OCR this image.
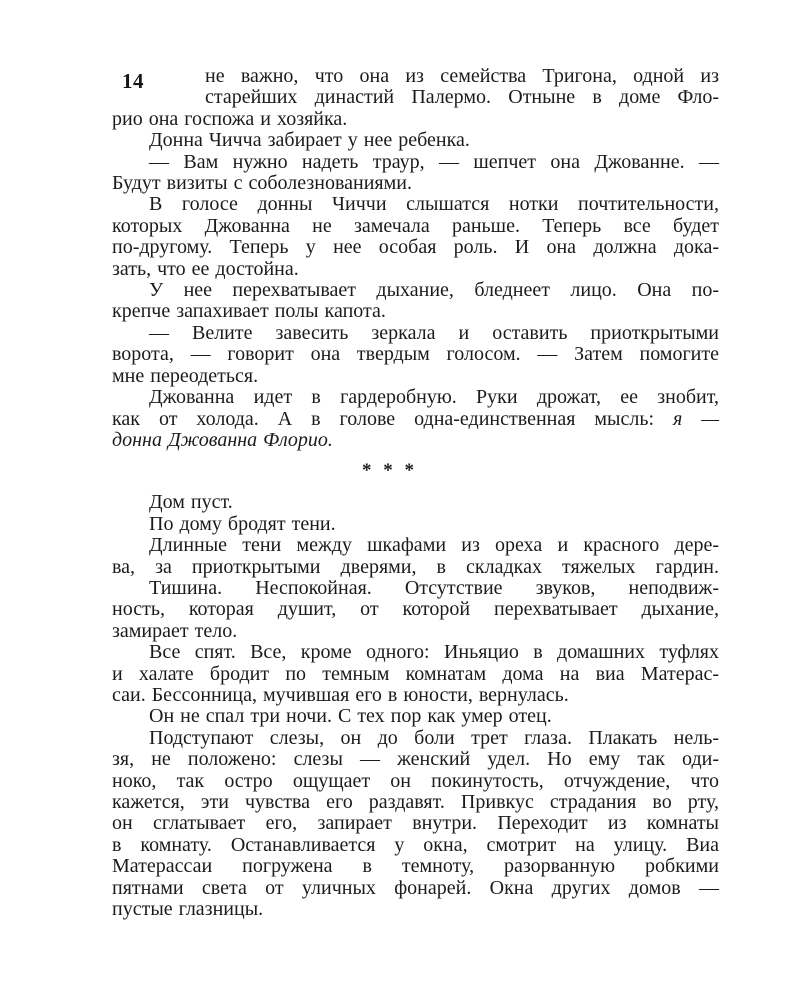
14	не важно, что она из семейства Тригона, одной из
старейших династий Палермо. Отныне в доме Фло-
рио она госпожа и хозяйка.

Донна Чичча забирает у нее ребенка.

— Вам нужно надеть траур, — шепчет она Джованне. —
Будут визиты с соболезнованиями.

В голосе донны Чиччи слышатся нотки почтительности,
которых Джованна не замечала раньше. Теперь все будет
по-другому. Теперь у нее особая роль. И она должна дока-
зать, что ее достойна.

У нее перехватывает дыхание, бледнеет лицо. Она по-
крепче запахивает полы капота.

— Велите завесить зеркала и оставить приоткрытыми
ворота, — говорит она твердым голосом. — Затем помогите
мне переодеться.

Джованна идет в гардеробную. Руки дрожат, ее знобит,
как от холода. А в голове одна-единственная мысль: я —
донна Джованна Флорио.

* * *

Дом пуст.

По дому бродят тени.

Длинные тени между шкафами из ореха и красного дере-
ва, за приоткрытыми дверями, в складках тяжелых гардин.

Тишина. Неспокойная. Отсутствие звуков, неподвиж-
ность, которая душит, от которой перехватывает дыхание,
замирает тело.

Все спят. Все, кроме одного: Иньяцио в домашних туфлях
и халате бродит по темным комнатам дома на виа Матерас-
саи. Бессонница, мучившая его в юности, вернулась.

Он не спал три ночи. С тех пор как умер отец.

Подступают слезы, он до боли трет глаза. Плакать нель-
зя, не положено: слезы — женский удел. Но ему так оди-
ноко, так остро ощущает он покинутость, отчуждение, что
кажется, эти чувства его раздавят. Привкус страдания во рту,
он сглатывает его, запирает внутри. Переходит из комнаты
в комнату. Останавливается у окна, смотрит на улицу. Виа
Матерассаи погружена в темноту, разорванную робкими
пятнами света от уличных фонарей. Окна других домов —
пустые глазницы.
